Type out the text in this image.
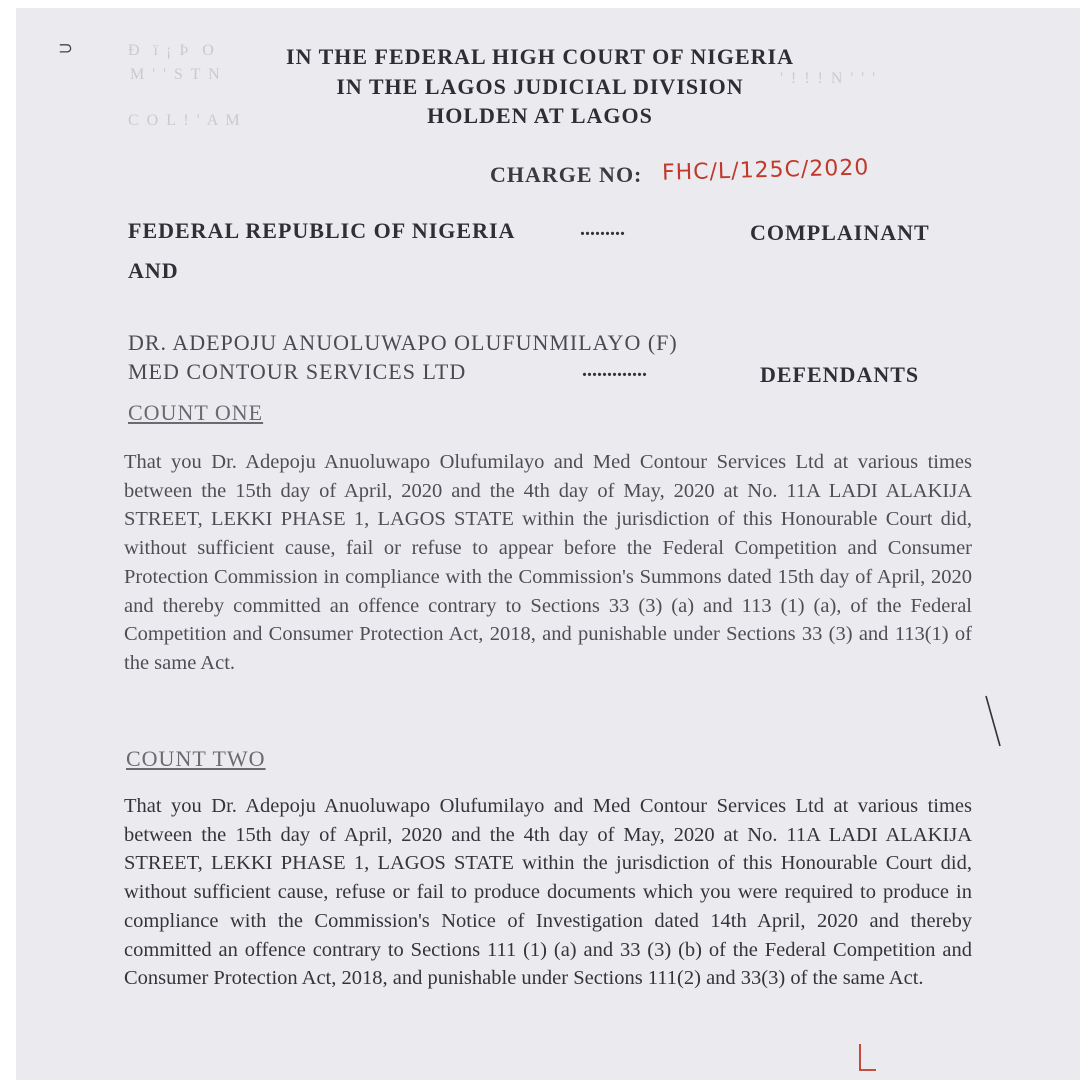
Ð  ï ¡ Þ  O
M ' ' S T N
C O L ! ' A M
' ! ! ! N ' ' '
⊃	IN THE FEDERAL HIGH COURT OF NIGERIA
IN THE LAGOS JUDICIAL DIVISION
HOLDEN AT LAGOS
CHARGE NO: FHC/L/125C/2020
FEDERAL REPUBLIC OF NIGERIA	.........	COMPLAINANT
AND
DR. ADEPOJU ANUOLUWAPO OLUFUNMILAYO (F)
MED CONTOUR SERVICES LTD	.............	DEFENDANTS
COUNT ONE

That you Dr. Adepoju Anuoluwapo Olufumilayo and Med Contour Services Ltd at various times between the 15th day of April, 2020 and the 4th day of May, 2020 at No. 11A LADI ALAKIJA STREET, LEKKI PHASE 1, LAGOS STATE within the jurisdiction of this Honourable Court did, without sufficient cause, fail or refuse to appear before the Federal Competition and Consumer Protection Commission in compliance with the Commission's Summons dated 15th day of April, 2020 and thereby committed an offence contrary to Sections 33 (3) (a) and 113 (1) (a), of the Federal Competition and Consumer Protection Act, 2018, and punishable under Sections 33 (3) and 113(1) of the same Act.

COUNT TWO

That you Dr. Adepoju Anuoluwapo Olufumilayo and Med Contour Services Ltd at various times between the 15th day of April, 2020 and the 4th day of May, 2020 at No. 11A LADI ALAKIJA STREET, LEKKI PHASE 1, LAGOS STATE within the jurisdiction of this Honourable Court did, without sufficient cause, refuse or fail to produce documents which you were required to produce in compliance with the Commission's Notice of Investigation dated 14th April, 2020 and thereby committed an offence contrary to Sections 111 (1) (a) and 33 (3) (b) of the Federal Competition and Consumer Protection Act, 2018, and punishable under Sections 111(2) and 33(3) of the same Act.
